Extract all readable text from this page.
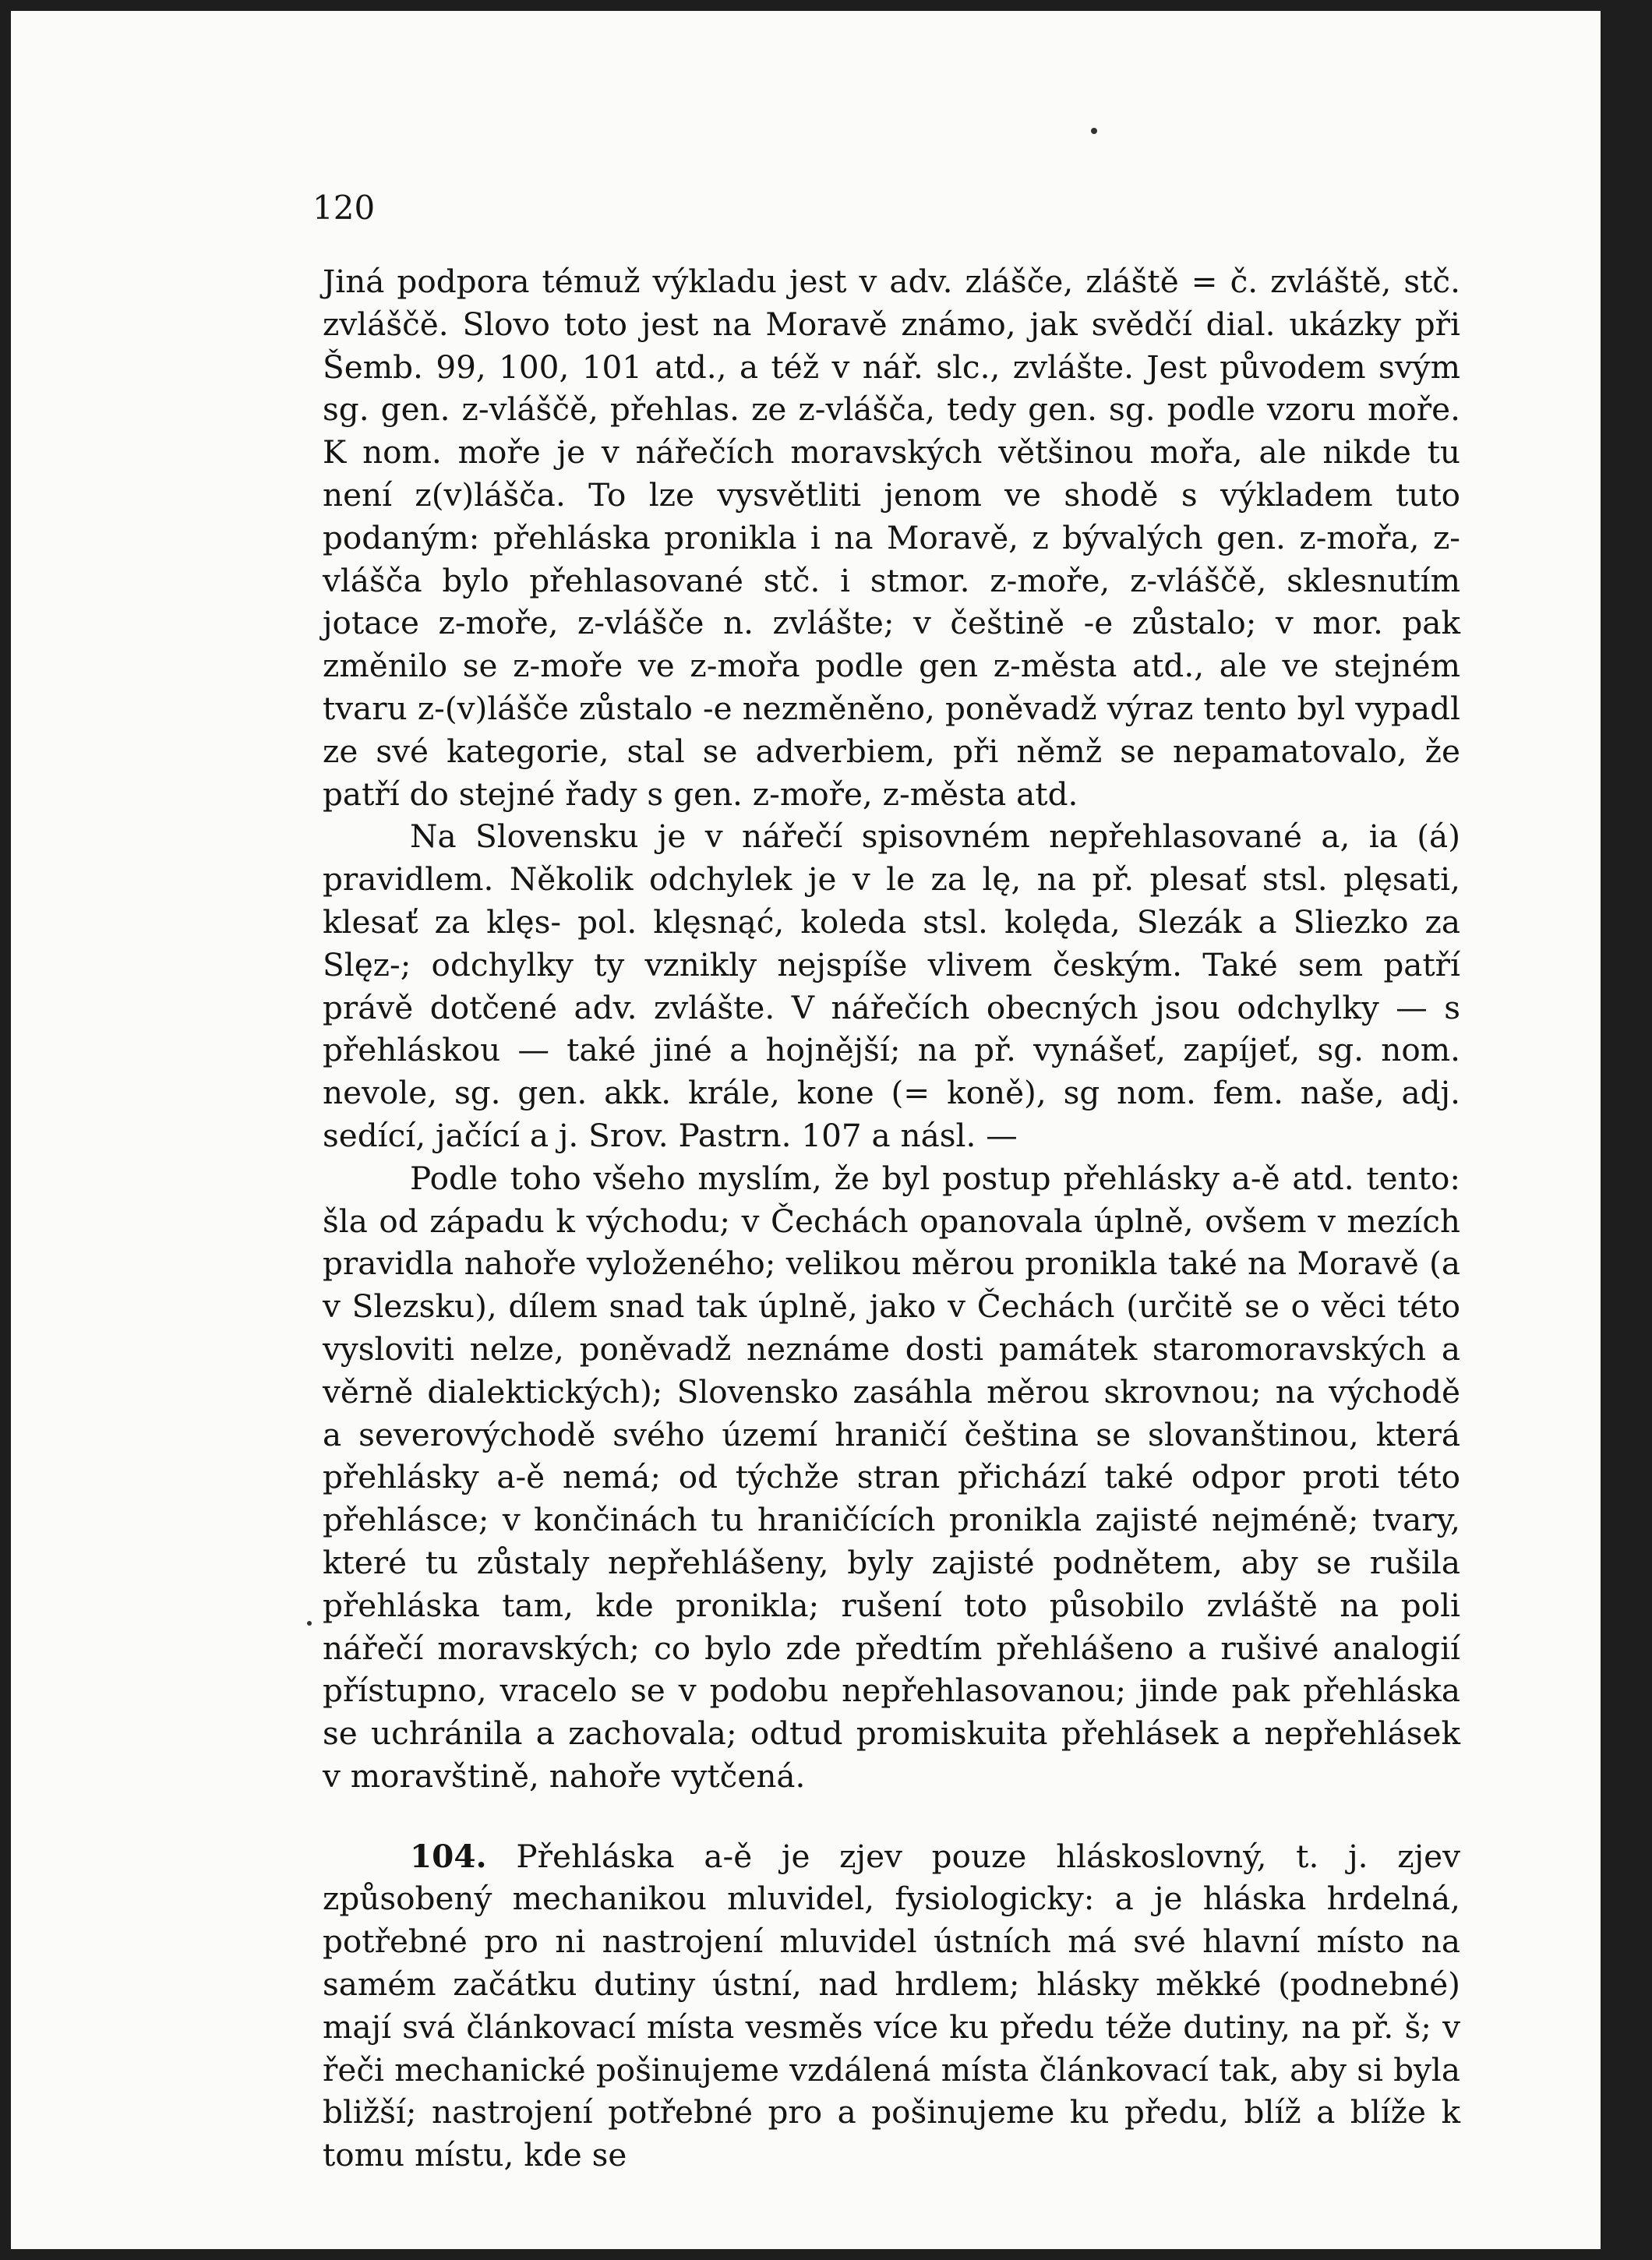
120

Jiná podpora témuž výkladu jest v adv. zlášče, zláště = č. zvláště, stč. zvláščě. Slovo toto jest na Moravě známo, jak svědčí dial. ukázky při Šemb. 99, 100, 101 atd., a též v nář. slc., zvlášte. Jest původem svým sg. gen. z-vláščě, přehlas. ze z-vlášča, tedy gen. sg. podle vzoru moře. K nom. moře je v nářečích moravských většinou mořa, ale nikde tu není z(v)lášča. To lze vysvětliti jenom ve shodě s výkladem tuto podaným: přehláska pronikla i na Moravě, z bývalých gen. z-mořa, z-vlášča bylo přehlasované stč. i stmor. z-moře, z-vláščě, sklesnutím jotace z-moře, z-vlášče n. zvlášte; v češtině -e zůstalo; v mor. pak změnilo se z-moře ve z-mořa podle gen z-města atd., ale ve stejném tvaru z-(v)lášče zůstalo -e nezměněno, poněvadž výraz tento byl vypadl ze své kategorie, stal se adverbiem, při němž se nepamatovalo, že patří do stejné řady s gen. z-moře, z-města atd.

Na Slovensku je v nářečí spisovném nepřehlasované a, ia (á) pravidlem. Několik odchylek je v le za lę, na př. plesať stsl. plęsati, klesať za klęs- pol. klęsnąć, koleda stsl. kolęda, Slezák a Sliezko za Slęz-; odchylky ty vznikly nejspíše vlivem českým. Také sem patří právě dotčené adv. zvlášte. V nářečích obecných jsou odchylky — s přehláskou — také jiné a hojnější; na př. vynášeť, zapíjeť, sg. nom. nevole, sg. gen. akk. krále, kone (= koně), sg nom. fem. naše, adj. sedící, jačící a j. Srov. Pastrn. 107 a násl. —

Podle toho všeho myslím, že byl postup přehlásky a-ě atd. tento: šla od západu k východu; v Čechách opanovala úplně, ovšem v mezích pravidla nahoře vyloženého; velikou měrou pronikla také na Moravě (a v Slezsku), dílem snad tak úplně, jako v Čechách (určitě se o věci této vysloviti nelze, poněvadž neznáme dosti památek staromoravských a věrně dialektických); Slovensko zasáhla měrou skrovnou; na východě a severovýchodě svého území hraničí čeština se slovanštinou, která přehlásky a-ě nemá; od týchže stran přichází také odpor proti této přehlásce; v končinách tu hraničících pronikla zajisté nejméně; tvary, které tu zůstaly nepřehlášeny, byly zajisté podnětem, aby se rušila přehláska tam, kde pronikla; rušení toto působilo zvláště na poli nářečí moravských; co bylo zde předtím přehlášeno a rušivé analogií přístupno, vracelo se v podobu nepřehlasovanou; jinde pak přehláska se uchránila a zachovala; odtud promiskuita přehlásek a nepřehlásek v moravštině, nahoře vytčená.

104. Přehláska a-ě je zjev pouze hláskoslovný, t. j. zjev způsobený mechanikou mluvidel, fysiologicky: a je hláska hrdelná, potřebné pro ni nastrojení mluvidel ústních má své hlavní místo na samém začátku dutiny ústní, nad hrdlem; hlásky měkké (podnebné) mají svá článkovací místa vesměs více ku předu téže dutiny, na př. š; v řeči mechanické pošinujeme vzdálená místa článkovací tak, aby si byla bližší; nastrojení potřebné pro a pošinujeme ku předu, blíž a blíže k tomu místu, kde se
